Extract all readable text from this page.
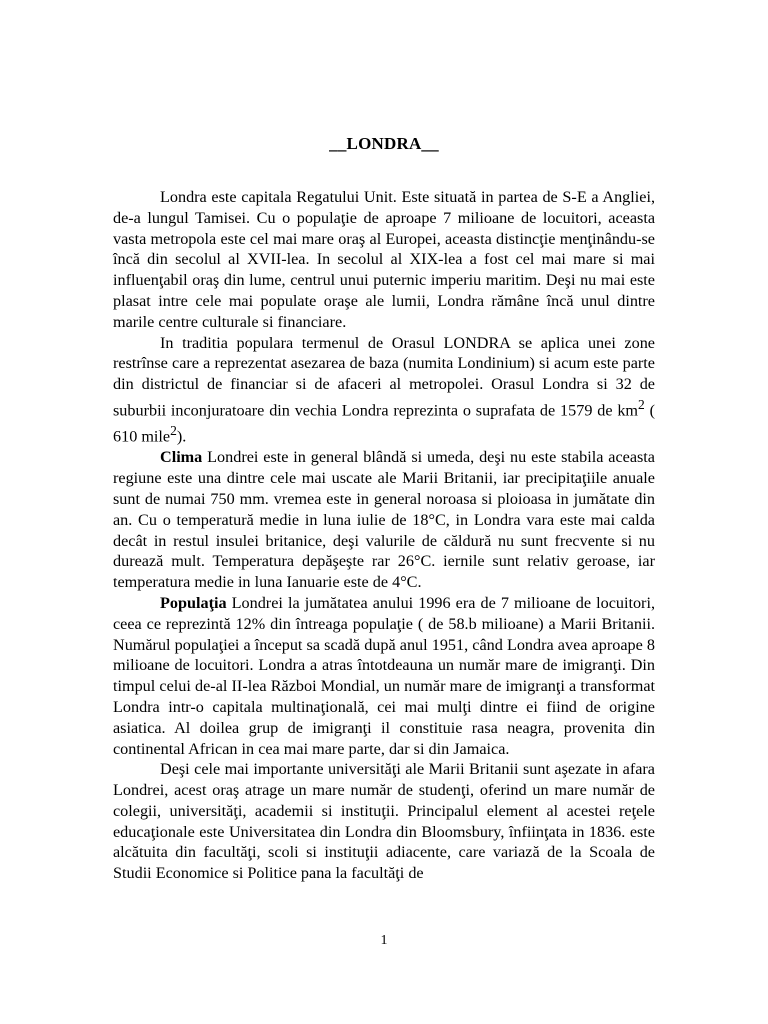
__LONDRA__

Londra este capitala Regatului Unit. Este situată in partea de S-E a Angliei, de-a lungul Tamisei. Cu o populaţie de aproape 7 milioane de locuitori, aceasta vasta metropola este cel mai mare oraş al Europei, aceasta distincţie menţinându-se încă din secolul al XVII-lea. In secolul al XIX-lea a fost cel mai mare si mai influenţabil oraş din lume, centrul unui puternic imperiu maritim. Deşi nu mai este plasat intre cele mai populate oraşe ale lumii, Londra rămâne încă unul dintre marile centre culturale si financiare.

In traditia populara termenul de Orasul LONDRA se aplica unei zone restrînse care a reprezentat asezarea de baza (numita Londinium) si acum este parte din districtul de financiar si de afaceri al metropolei. Orasul Londra si 32 de suburbii inconjuratoare din vechia Londra reprezinta o suprafata de 1579 de $km^2$ ( 610 mile$^2$).

Clima Londrei este in general blândă si umeda, deşi nu este stabila aceasta regiune este una dintre cele mai uscate ale Marii Britanii, iar precipitaţiile anuale sunt de numai 750 mm. vremea este in general noroasa si ploioasa in jumătate din an. Cu o temperatură medie in luna iulie de 18°C, in Londra vara este mai calda decât in restul insulei britanice, deşi valurile de căldură nu sunt frecvente si nu durează mult. Temperatura depăşeşte rar 26°C. iernile sunt relativ geroase, iar temperatura medie in luna Ianuarie este de 4°C.

Populaţia Londrei la jumătatea anului 1996 era de 7 milioane de locuitori, ceea ce reprezintă 12% din întreaga populaţie ( de 58.b milioane) a Marii Britanii. Numărul populaţiei a început sa scadă după anul 1951, când Londra avea aproape 8 milioane de locuitori. Londra a atras întotdeauna un număr mare de imigranţi. Din timpul celui de-al II-lea Război Mondial, un număr mare de imigranţi a transformat Londra intr-o capitala multinaţională, cei mai mulţi dintre ei fiind de origine asiatica. Al doilea grup de imigranţi il constituie rasa neagra, provenita din continental African in cea mai mare parte, dar si din Jamaica.

Deşi cele mai importante universităţi ale Marii Britanii sunt aşezate in afara Londrei, acest oraş atrage un mare număr de studenţi, oferind un mare număr de colegii, universităţi, academii si instituţii. Principalul element al acestei reţele educaţionale este Universitatea din Londra din Bloomsbury, înfiinţata in 1836. este alcătuita din facultăţi, scoli si instituţii adiacente, care variază de la Scoala de Studii Economice si Politice pana la facultăţi de

1
